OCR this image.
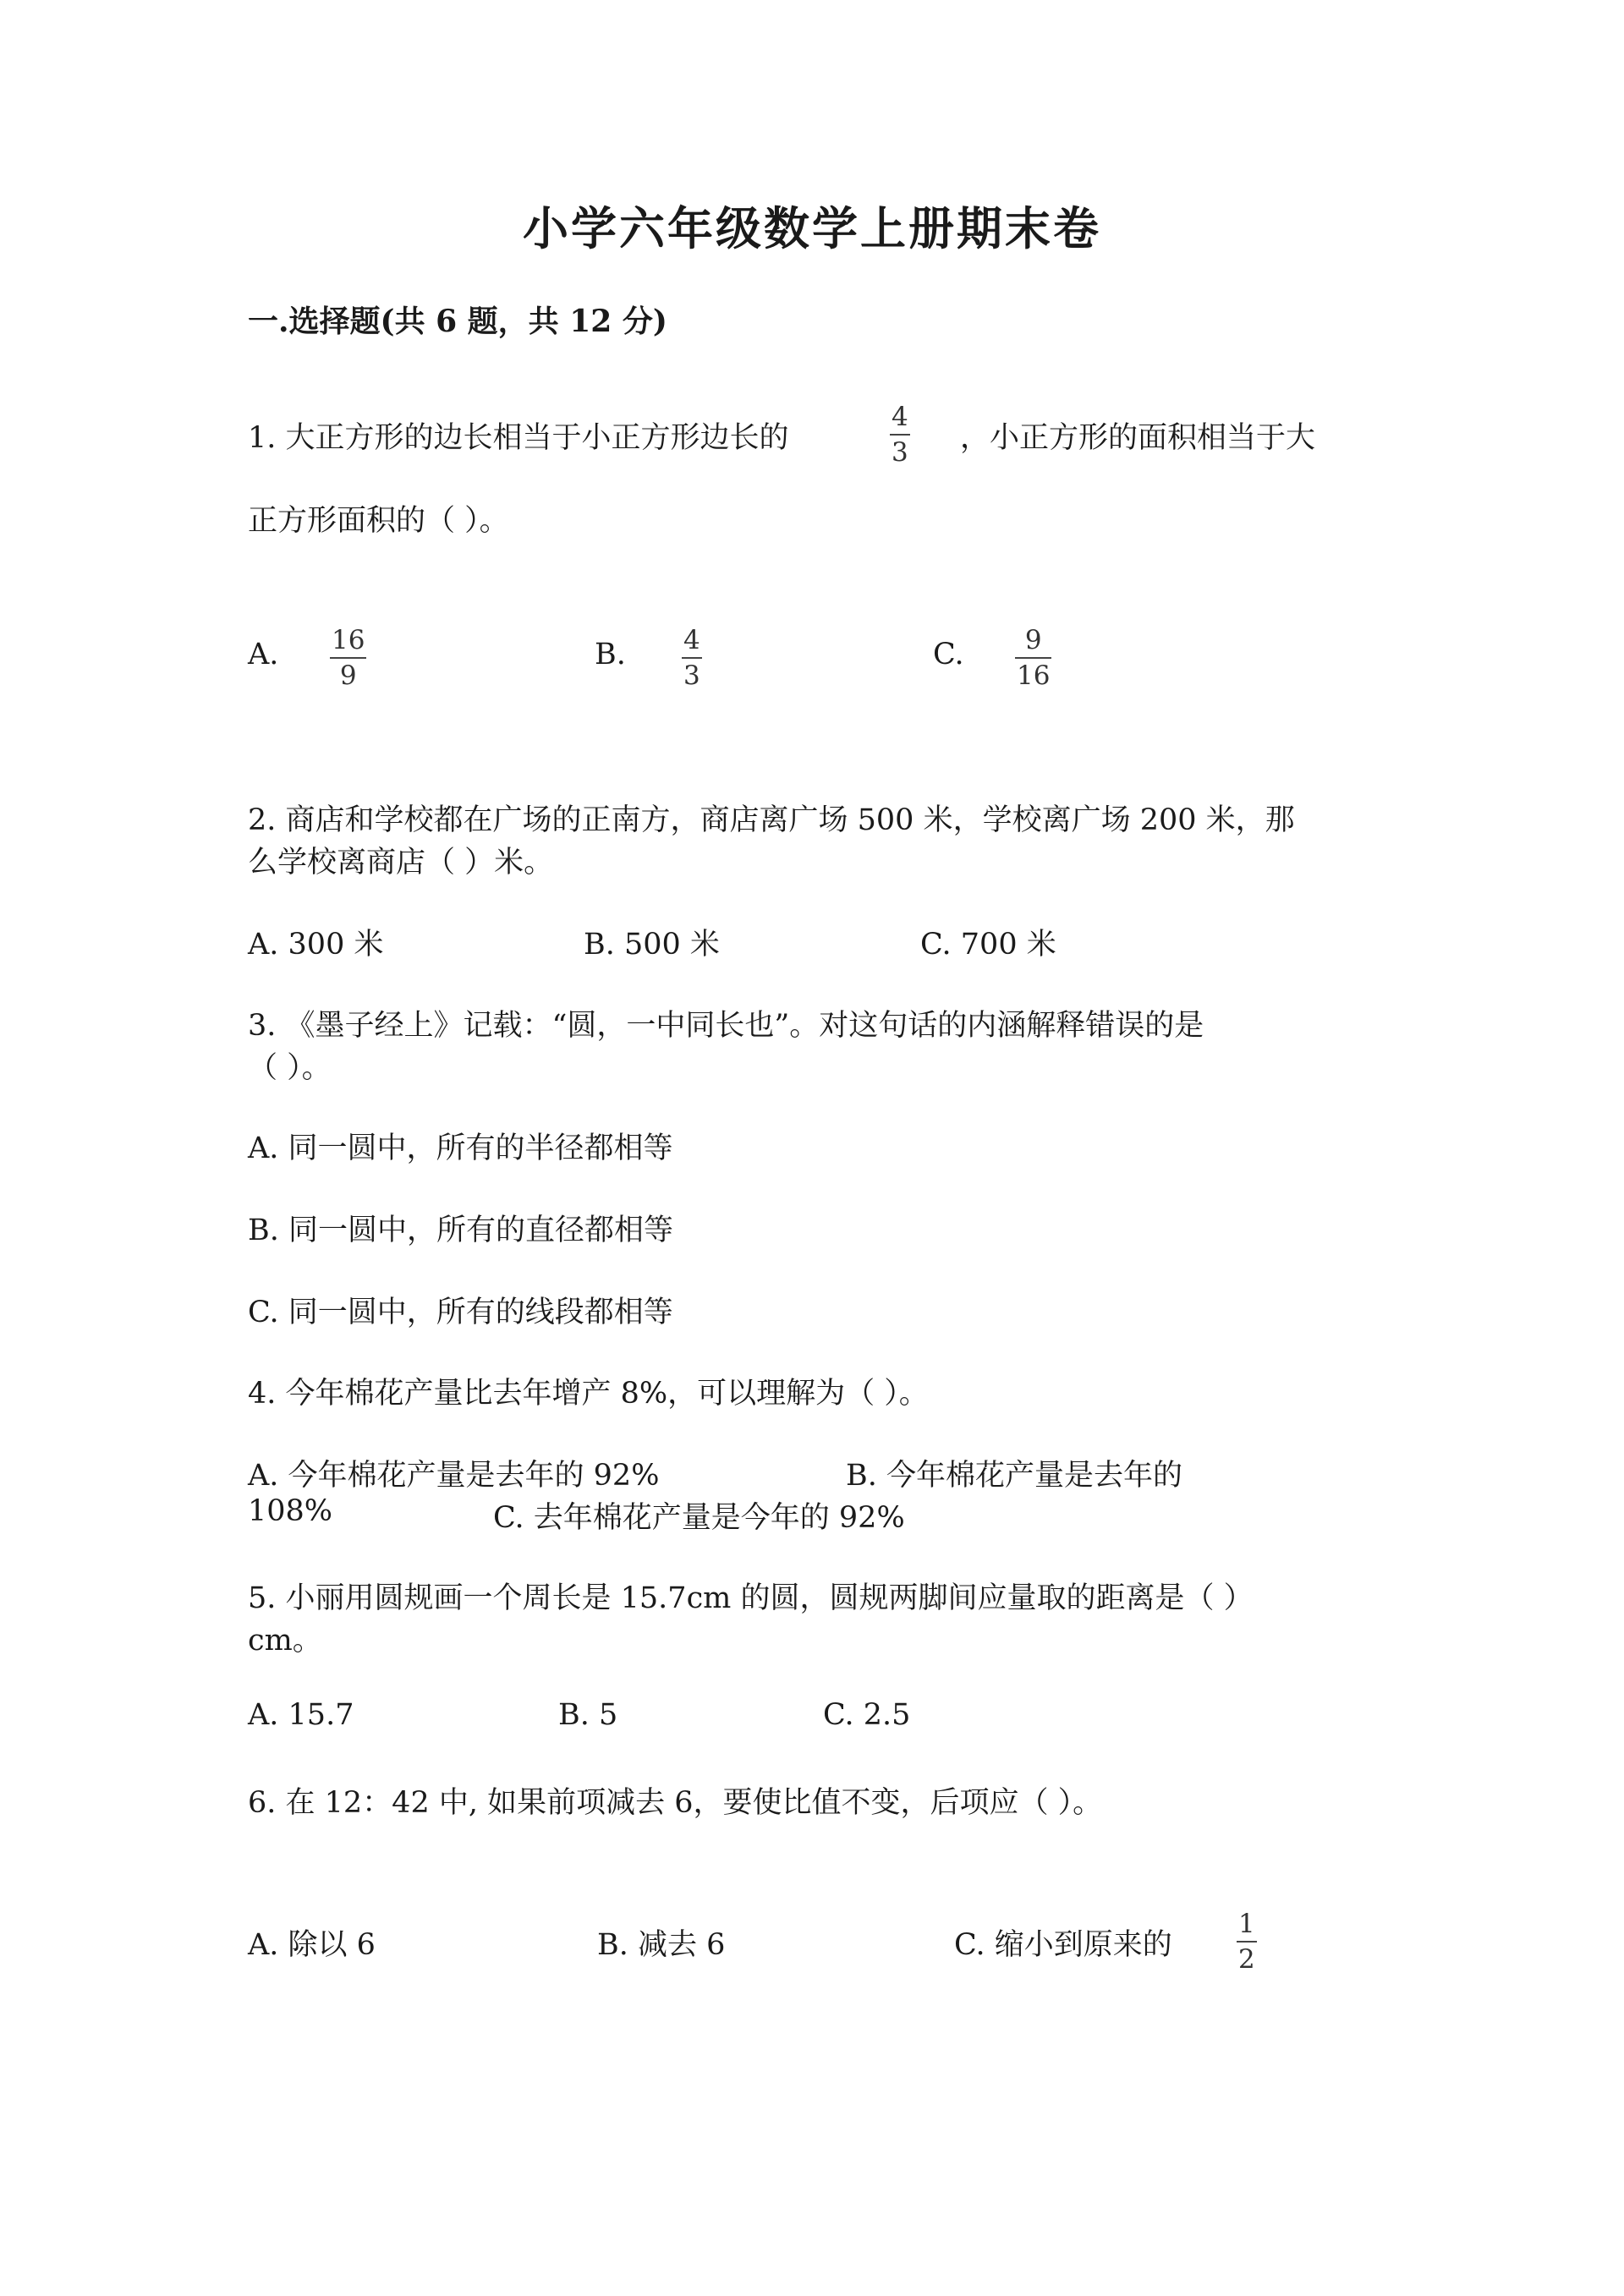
小学六年级数学上册期末卷
一.选择题(共 6 题，共 12 分)
1. 大正方形的边长相当于小正方形边长的
4
3 ，小正方形的面积相当于大
正方形面积的（ ）。
A. 16
9
B. 4
3
C. 9
16
2. 商店和学校都在广场的正南方，商店离广场 500 米，学校离广场 200 米，那
么学校离商店（ ）米。
A. 300 米	B. 500 米	C. 700 米
3. 《墨子经上》记载：“圆，一中同长也”。对这句话的内涵解释错误的是
（ ）。
A. 同一圆中，所有的半径都相等
B. 同一圆中，所有的直径都相等
C. 同一圆中，所有的线段都相等
4. 今年棉花产量比去年增产 8%，可以理解为（ ）。
A. 今年棉花产量是去年的 92%	B. 今年棉花产量是去年的
108%	C. 去年棉花产量是今年的 92%
5. 小丽用圆规画一个周长是 15.7cm 的圆，圆规两脚间应量取的距离是（ ）
cm。
A. 15.7	B. 5	C. 2.5
6. 在 12：42 中, 如果前项减去 6，要使比值不变，后项应（ ）。
A. 除以 6	B. 减去 6	C. 缩小到原来的
1
2
